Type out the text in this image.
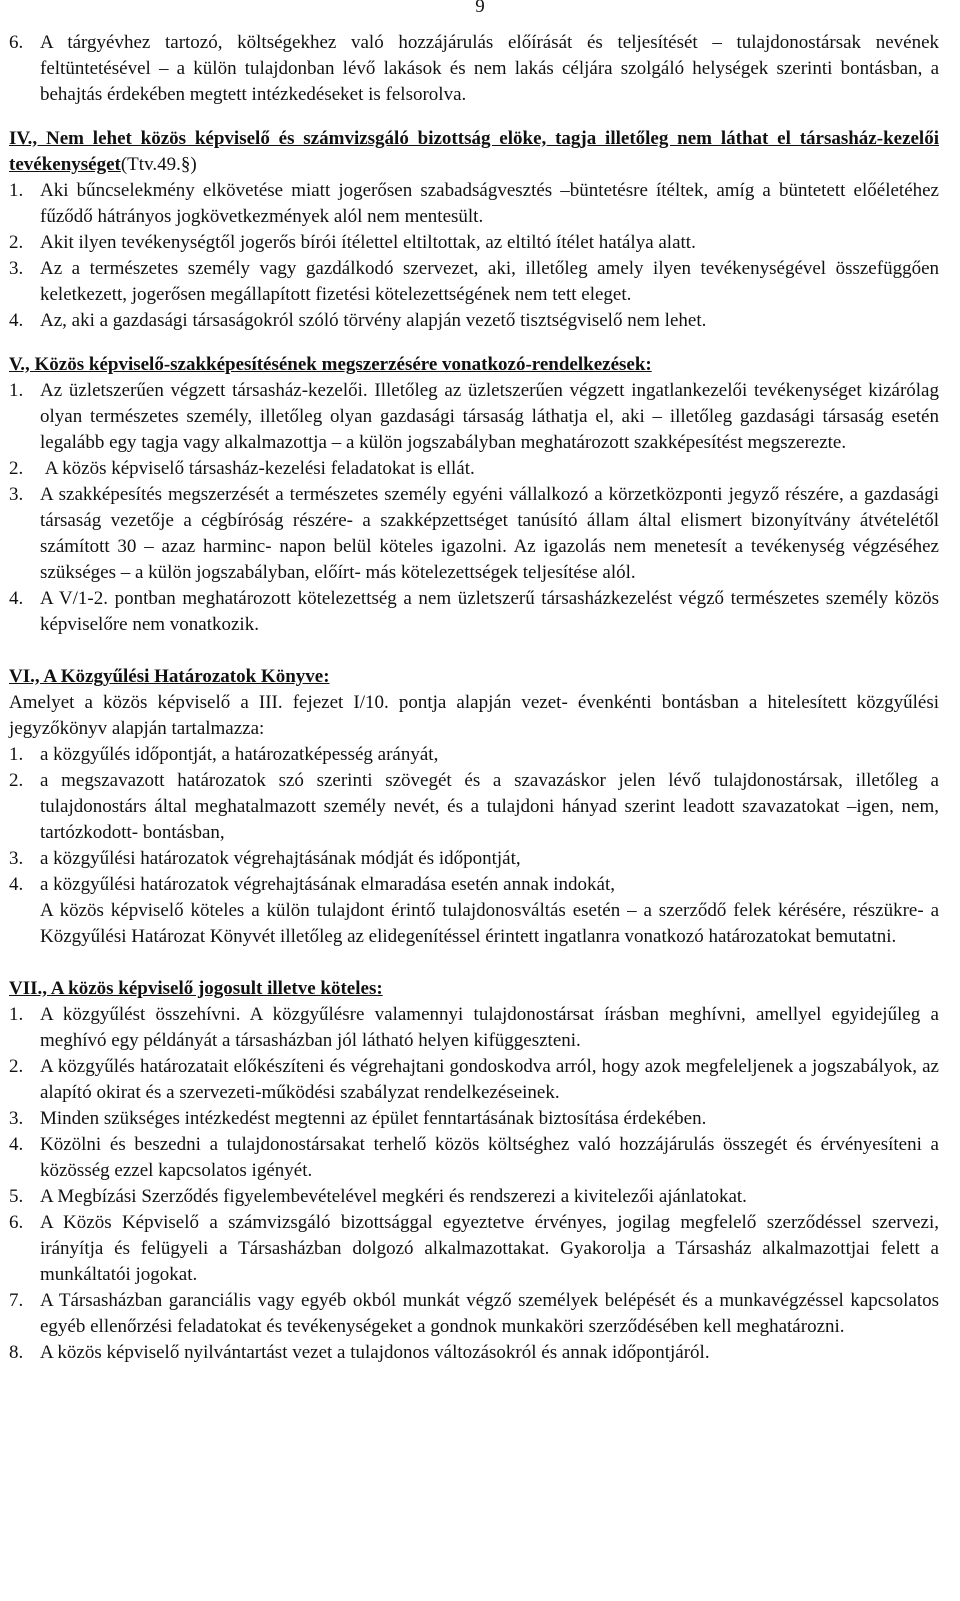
9
6. A tárgyévhez tartozó, költségekhez való hozzájárulás előírását és teljesítését – tulajdonostársak nevének feltüntetésével – a külön tulajdonban lévő lakások és nem lakás céljára szolgáló helységek szerinti bontásban, a behajtás érdekében megtett intézkedéseket is felsorolva.
IV., Nem lehet közös képviselő és számvizsgáló bizottság elöke, tagja illetőleg nem láthat el társasház-kezelői tevékenységet(Ttv.49.§)
1. Aki bűncselekmény elkövetése miatt jogerősen szabadságvesztés –büntetésre ítéltek, amíg a büntetett előéletéhez fűződő hátrányos jogkövetkezmények alól nem mentesült.
2. Akit ilyen tevékenységtől jogerős bírói ítélettel eltiltottak, az eltiltó ítélet hatálya alatt.
3. Az a természetes személy vagy gazdálkodó szervezet, aki, illetőleg amely ilyen tevékenységével összefüggően keletkezett, jogerősen megállapított fizetési kötelezettségének nem tett eleget.
4. Az, aki a gazdasági társaságokról szóló törvény alapján vezető tisztségviselő nem lehet.
V., Közös képviselő-szakképesítésének megszerzésére vonatkozó-rendelkezések:
1. Az üzletszerűen végzett társasház-kezelői. Illetőleg az üzletszerűen végzett ingatlankezelői tevékenységet kizárólag olyan természetes személy, illetőleg olyan gazdasági társaság láthatja el, aki – illetőleg gazdasági társaság esetén legalább egy tagja vagy alkalmazottja – a külön jogszabályban meghatározott szakképesítést megszerezte.
2. A közös képviselő társasház-kezelési feladatokat is ellát.
3. A szakképesítés megszerzését a természetes személy egyéni vállalkozó a körzetközponti jegyző részére, a gazdasági társaság vezetője a cégbíróság részére- a szakképzettséget tanúsító állam által elismert bizonyítvány átvételétől számított 30 – azaz harminc- napon belül köteles igazolni. Az igazolás nem menetesít a tevékenység végzéséhez szükséges – a külön jogszabályban, előírt- más kötelezettségek teljesítése alól.
4. A V/1-2. pontban meghatározott kötelezettség a nem üzletszerű társasházkezelést végző természetes személy közös képviselőre nem vonatkozik.
VI., A Közgyűlési Határozatok Könyve:
Amelyet a közös képviselő a III. fejezet I/10. pontja alapján vezet- évenkénti bontásban a hitelesített közgyűlési jegyzőkönyv alapján tartalmazza:
1. a közgyűlés időpontját, a határozatképesség arányát,
2. a megszavazott határozatok szó szerinti szövegét és a szavazáskor jelen lévő tulajdonostársak, illetőleg a tulajdonostárs által meghatalmazott személy nevét, és a tulajdoni hányad szerint leadott szavazatokat –igen, nem, tartózkodott- bontásban,
3. a közgyűlési határozatok végrehajtásának módját és időpontját,
4. a közgyűlési határozatok végrehajtásának elmaradása esetén annak indokát,
A közös képviselő köteles a külön tulajdont érintő tulajdonosváltás esetén – a szerződő felek kérésére, részükre- a Közgyűlési Határozat Könyvét illetőleg az elidegenítéssel érintett ingatlanra vonatkozó határozatokat bemutatni.
VII., A közös képviselő jogosult illetve köteles:
1. A közgyűlést összehívni. A közgyűlésre valamennyi tulajdonostársat írásban meghívni, amellyel egyidejűleg a meghívó egy példányát a társasházban jól látható helyen kifüggeszteni.
2. A közgyűlés határozatait előkészíteni és végrehajtani gondoskodva arról, hogy azok megfeleljenek a jogszabályok, az alapító okirat és a szervezeti-működési szabályzat rendelkezéseinek.
3. Minden szükséges intézkedést megtenni az épület fenntartásának biztosítása érdekében.
4. Közölni és beszedni a tulajdonostársakat terhelő közös költséghez való hozzájárulás összegét és érvényesíteni a közösség ezzel kapcsolatos igényét.
5. A Megbízási Szerződés figyelembevételével megkéri és rendszerezi a kivitelezői ajánlatokat.
6. A Közös Képviselő a számvizsgáló bizottsággal egyeztetve érvényes, jogilag megfelelő szerződéssel szervezi, irányítja és felügyeli a Társasházban dolgozó alkalmazottakat. Gyakorolja a Társasház alkalmazottjai felett a munkáltatói jogokat.
7. A Társasházban garanciális vagy egyéb okból munkát végző személyek belépését és a munkavégzéssel kapcsolatos egyéb ellenőrzési feladatokat és tevékenységeket a gondnok munkaköri szerződésében kell meghatározni.
8. A közös képviselő nyilvántartást vezet a tulajdonos változásokról és annak időpontjáról.
